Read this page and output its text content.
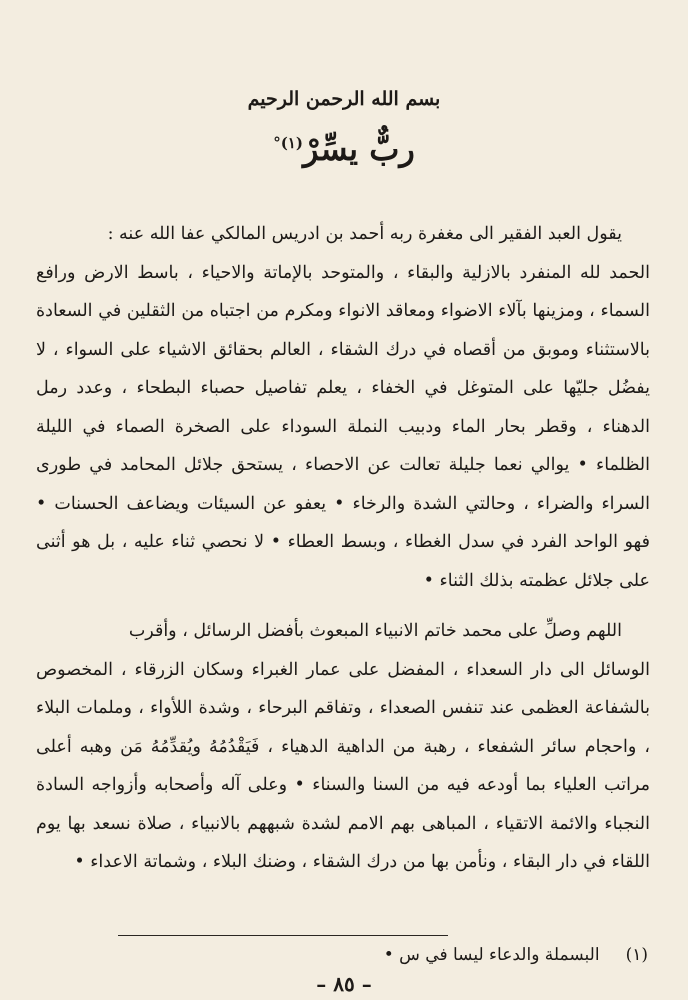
بسم الله الرحمن الرحيم
ربٌّ يسِّرْ$^{(١)^\circ}$
يقول العبد الفقير الى مغفرة ربه أحمد بن ادريس المالكي عفا الله عنه :
الحمد لله المنفرد بالازلية والبقاء ، والمتوحد بالإماتة والاحياء ، باسط الارض ورافع السماء ، ومزينها بآلاء الاضواء ومعاقد الانواء ومكرم من اجتباه من الثقلين في السعادة بالاستثناء وموبق من أقصاه في درك الشقاء ، العالم بحقائق الاشياء على السواء ، لا يفضُل جليّها على المتوغل في الخفاء ، يعلم تفاصيل حصباء البطحاء ، وعدد رمل الدهناء ، وقطر بحار الماء ودبيب النملة السوداء على الصخرة الصماء في الليلة الظلماء • يوالي نعما جليلة تعالت عن الاحصاء ، يستحق جلائل المحامد في طورى السراء والضراء ، وحالتي الشدة والرخاء • يعفو عن السيئات ويضاعف الحسنات • فهو الواحد الفرد في سدل الغطاء ، وبسط العطاء • لا نحصي ثناء عليه ، بل هو أثنى على جلائل عظمته بذلك الثناء •
اللهم وصلِّ على محمد خاتم الانبياء المبعوث بأفضل الرسائل ، وأقرب
الوسائل الى دار السعداء ، المفضل على عمار الغبراء وسكان الزرقاء ، المخصوص بالشفاعة العظمى عند تنفس الصعداء ، وتفاقم البرحاء ، وشدة اللأواء ، وملمات البلاء ، واحجام سائر الشفعاء ، رهبة من الداهية الدهياء ، فَيَقْدُمُهُ ويُقدِّمُهُ مَن وهبه أعلى مراتب العلياء بما أودعه فيه من السنا والسناء • وعلى آله وأصحابه وأزواجه السادة النجباء والائمة الاتقياء ، المباهى بهم الامم لشدة شبههم بالانبياء ، صلاة نسعد بها يوم اللقاء في دار البقاء ، ونأمن بها من درك الشقاء ، وضنك البلاء ، وشماتة الاعداء •
(١)البسملة والدعاء ليسا في س •
– ٨٥ –
